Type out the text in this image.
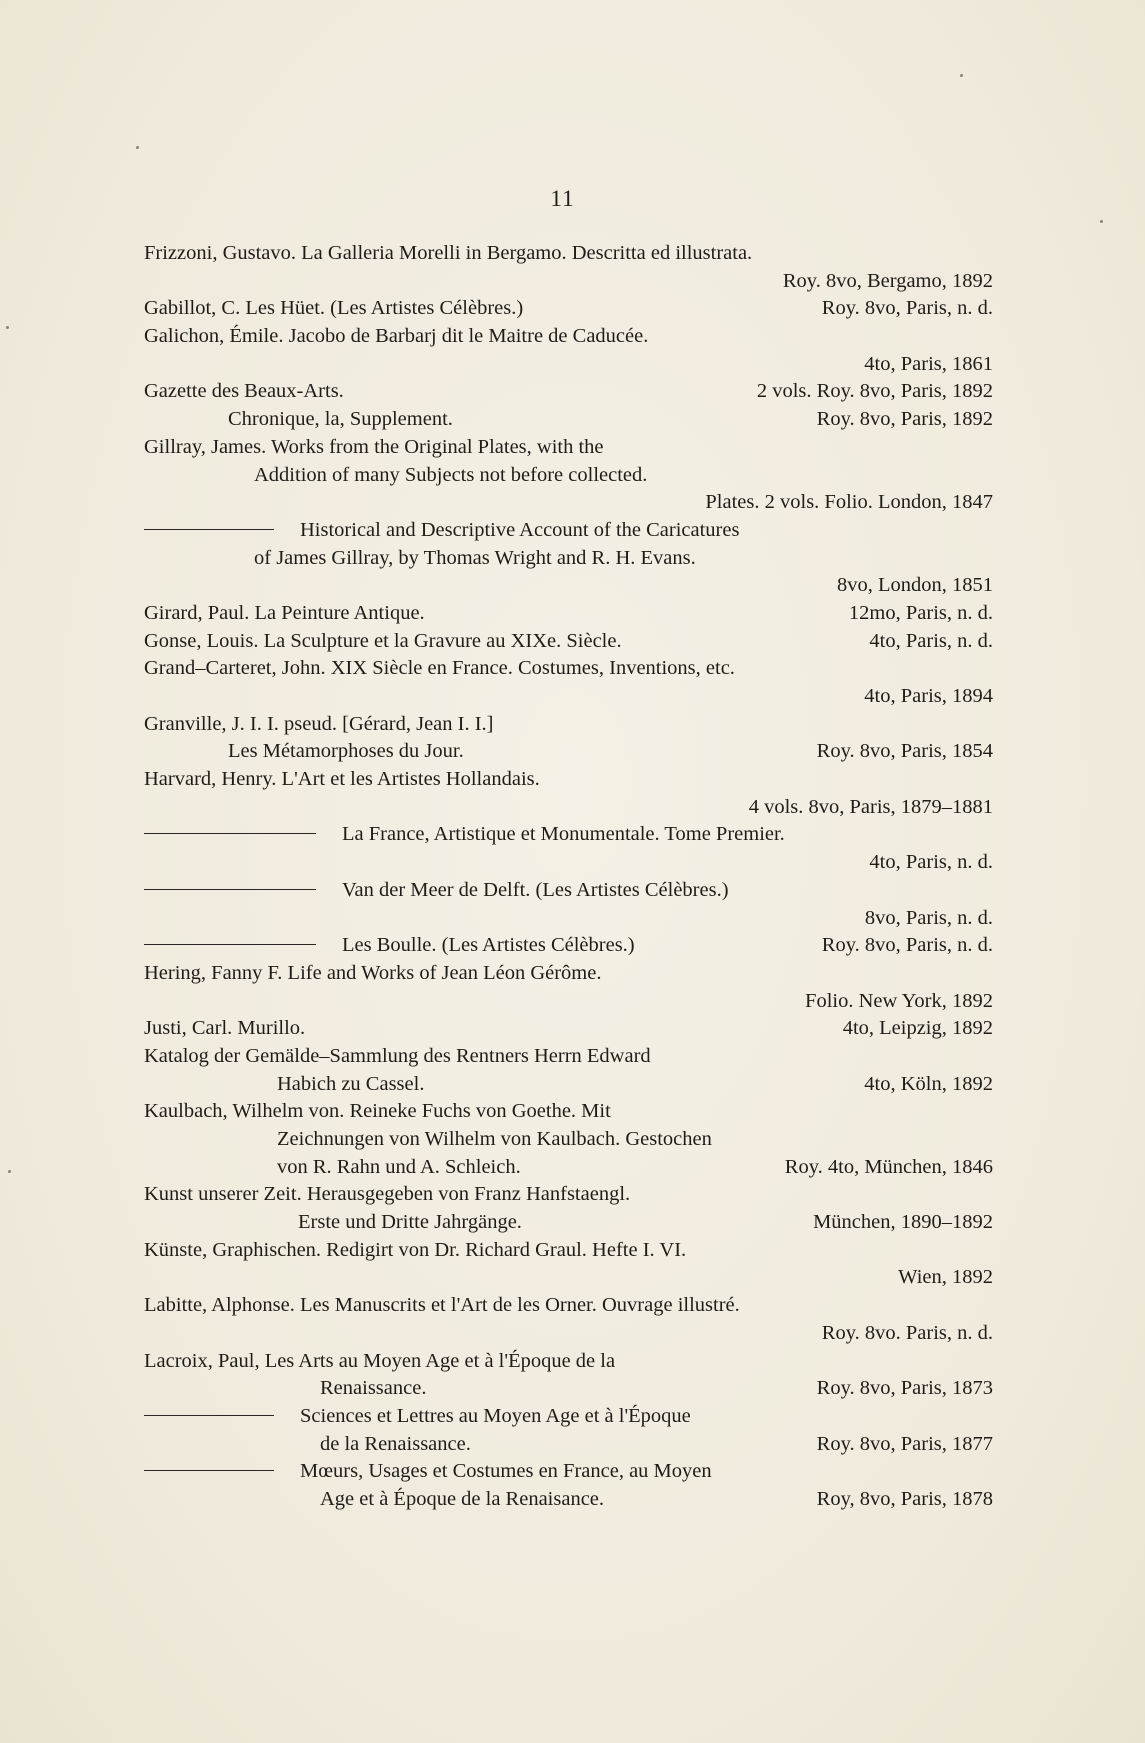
11
Frizzoni, Gustavo. La Galleria Morelli in Bergamo. Descritta ed illustrata.
Roy. 8vo, Bergamo, 1892
Gabillot, C. Les Hüet. (Les Artistes Célèbres.)	Roy. 8vo, Paris, n. d.
Galichon, Émile. Jacobo de Barbarj dit le Maitre de Caducée.
4to, Paris, 1861
Gazette des Beaux-Arts.	2 vols. Roy. 8vo, Paris, 1892
Chronique, la, Supplement.	Roy. 8vo, Paris, 1892
Gillray, James. Works from the Original Plates, with the
Addition of many Subjects not before collected.
Plates. 2 vols. Folio. London, 1847
Historical and Descriptive Account of the Caricatures
of James Gillray, by Thomas Wright and R. H. Evans.
8vo, London, 1851
Girard, Paul. La Peinture Antique.	12mo, Paris, n. d.
Gonse, Louis. La Sculpture et la Gravure au XIXe. Siècle.	4to, Paris, n. d.
Grand–Carteret, John. XIX Siècle en France. Costumes, Inventions, etc.
4to, Paris, 1894
Granville, J. I. I. pseud. [Gérard, Jean I. I.]
Les Métamorphoses du Jour.	Roy. 8vo, Paris, 1854
Harvard, Henry. L'Art et les Artistes Hollandais.
4 vols. 8vo, Paris, 1879–1881
La France, Artistique et Monumentale. Tome Premier.
4to, Paris, n. d.
Van der Meer de Delft. (Les Artistes Célèbres.)
8vo, Paris, n. d.
Les Boulle. (Les Artistes Célèbres.)	Roy. 8vo, Paris, n. d.
Hering, Fanny F. Life and Works of Jean Léon Gérôme.
Folio. New York, 1892
Justi, Carl. Murillo.	4to, Leipzig, 1892
Katalog der Gemälde–Sammlung des Rentners Herrn Edward
Habich zu Cassel.	4to, Köln, 1892
Kaulbach, Wilhelm von. Reineke Fuchs von Goethe. Mit
Zeichnungen von Wilhelm von Kaulbach. Gestochen
von R. Rahn und A. Schleich.	Roy. 4to, München, 1846
Kunst unserer Zeit. Herausgegeben von Franz Hanfstaengl.
Erste und Dritte Jahrgänge.	München, 1890–1892
Künste, Graphischen. Redigirt von Dr. Richard Graul. Hefte I. VI.
Wien, 1892
Labitte, Alphonse. Les Manuscrits et l'Art de les Orner. Ouvrage illustré.
Roy. 8vo. Paris, n. d.
Lacroix, Paul, Les Arts au Moyen Age et à l'Époque de la
Renaissance.	Roy. 8vo, Paris, 1873
Sciences et Lettres au Moyen Age et à l'Époque
de la Renaissance.	Roy. 8vo, Paris, 1877
Mœurs, Usages et Costumes en France, au Moyen
Age et à Époque de la Renaisance.	Roy, 8vo, Paris, 1878
